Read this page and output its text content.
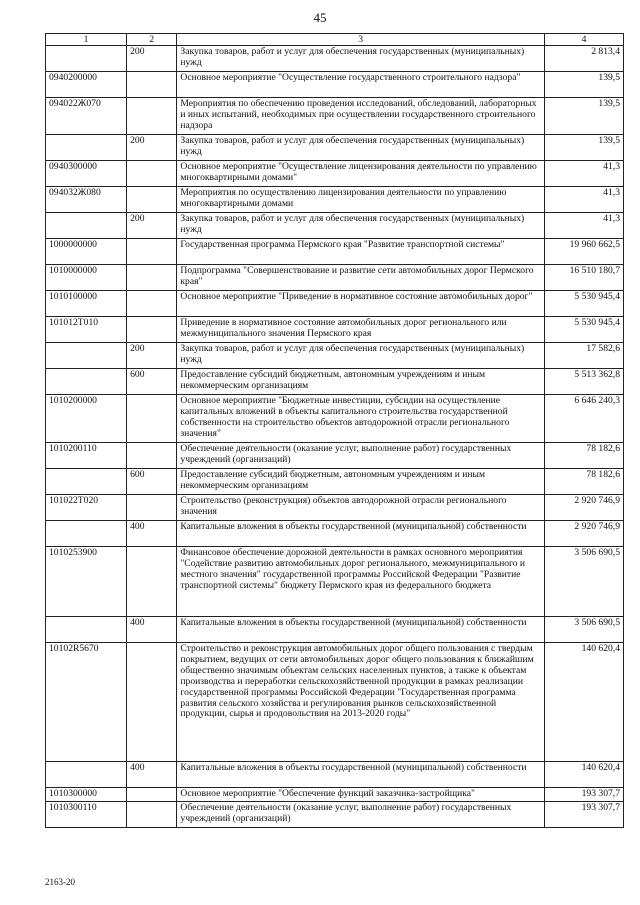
45
1	2	3	4
	200	Закупка товаров, работ и услуг для обеспечения государственных (муниципальных) нужд	2 813,4
0940200000		Основное мероприятие "Осуществление государственного строительного надзора"	139,5
094022Ж070		Мероприятия по обеспечению проведения исследований, обследований, лабораторных и иных испытаний, необходимых при осуществлении государственного строительного надзора	139,5
	200	Закупка товаров, работ и услуг для обеспечения государственных (муниципальных) нужд	139,5
0940300000		Основное мероприятие "Осуществление лицензирования деятельности по управлению многоквартирными домами"	41,3
094032Ж080		Мероприятия по осуществлению лицензирования деятельности по управлению многоквартирными домами	41,3
	200	Закупка товаров, работ и услуг для обеспечения государственных (муниципальных) нужд	41,3
1000000000		Государственная программа Пермского края "Развитие транспортной системы"	19 960 662,5
1010000000		Подпрограмма "Совершенствование и развитие сети автомобильных дорог Пермского края"	16 510 180,7
1010100000		Основное мероприятие "Приведение в нормативное состояние автомобильных дорог"	5 530 945,4
101012Т010		Приведение в нормативное состояние автомобильных дорог регионального или межмуниципального значения Пермского края	5 530 945,4
	200	Закупка товаров, работ и услуг для обеспечения государственных (муниципальных) нужд	17 582,6
	600	Предоставление субсидий бюджетным, автономным учреждениям и иным некоммерческим организациям	5 513 362,8
1010200000		Основное мероприятие "Бюджетные инвестиции, субсидии на осуществление капитальных вложений в объекты капитального строительства государственной собственности на строительство объектов автодорожной отрасли регионального значения"	6 646 240,3
1010200110		Обеспечение деятельности (оказание услуг, выполнение работ) государственных учреждений (организаций)	78 182,6
	600	Предоставление субсидий бюджетным, автономным учреждениям и иным некоммерческим организациям	78 182,6
101022Т020		Строительство (реконструкция) объектов автодорожной отрасли регионального значения	2 920 746,9
	400	Капитальные вложения в объекты государственной (муниципальной) собственности	2 920 746,9
1010253900		Финансовое обеспечение дорожной деятельности в рамках основного мероприятия "Содействие развитию автомобильных дорог регионального, межмуниципального и местного значения" государственной программы Российской Федерации "Развитие транспортной системы" бюджету Пермского края из федерального бюджета	3 506 690,5
	400	Капитальные вложения в объекты государственной (муниципальной) собственности	3 506 690,5
10102R5670		Строительство и реконструкция автомобильных дорог общего пользования с твердым покрытием, ведущих от сети автомобильных дорог общего пользования к ближайшим общественно значимым объектам сельских населенных пунктов, а также к объектам производства и переработки сельскохозяйственной продукции в рамках реализации государственной программы Российской Федерации "Государственная программа развития сельского хозяйства и регулирования рынков сельскохозяйственной продукции, сырья и продовольствия на 2013-2020 годы"	140 620,4
	400	Капитальные вложения в объекты государственной (муниципальной) собственности	140 620,4
1010300000		Основное мероприятие "Обеспечение функций заказчика-застройщика"	193 307,7
1010300110		Обеспечение деятельности (оказание услуг, выполнение работ) государственных учреждений (организаций)	193 307,7
2163-20
